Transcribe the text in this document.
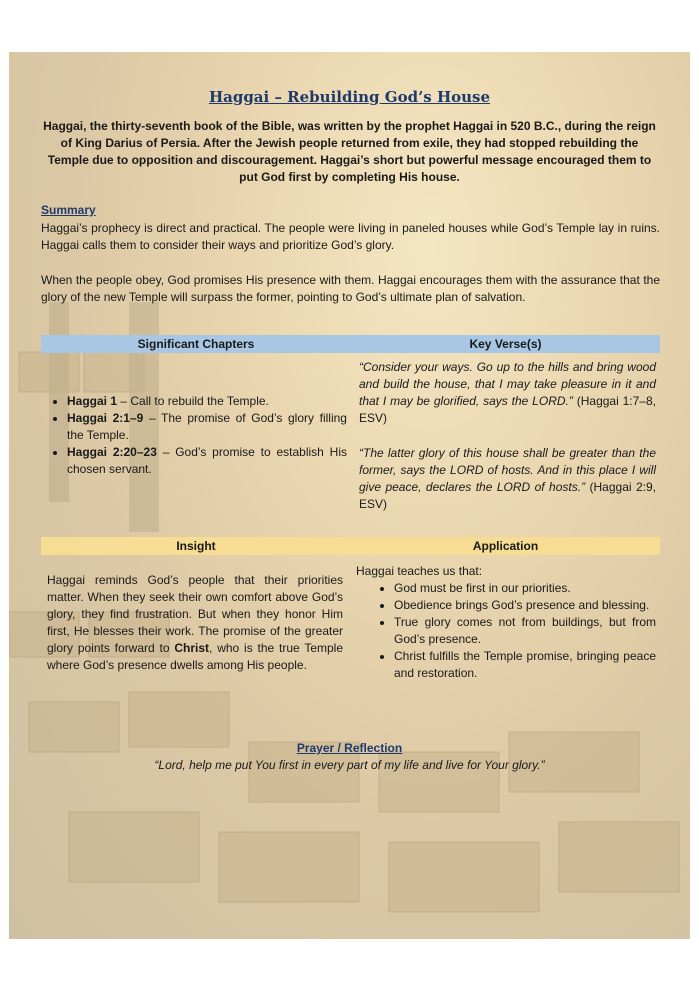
Haggai – Rebuilding God’s House
Haggai, the thirty-seventh book of the Bible, was written by the prophet Haggai in 520 B.C., during the reign of King Darius of Persia. After the Jewish people returned from exile, they had stopped rebuilding the Temple due to opposition and discouragement. Haggai’s short but powerful message encouraged them to put God first by completing His house.
Summary
Haggai’s prophecy is direct and practical. The people were living in paneled houses while God’s Temple lay in ruins. Haggai calls them to consider their ways and prioritize God’s glory.
When the people obey, God promises His presence with them. Haggai encourages them with the assurance that the glory of the new Temple will surpass the former, pointing to God’s ultimate plan of salvation.
Significant Chapters	Key Verse(s)
• Haggai 1 – Call to rebuild the Temple.
• Haggai 2:1–9 – The promise of God’s glory filling the Temple.
• Haggai 2:20–23 – God’s promise to establish His chosen servant.
“Consider your ways. Go up to the hills and bring wood and build the house, that I may take pleasure in it and that I may be glorified, says the LORD.” (Haggai 1:7–8, ESV)
“The latter glory of this house shall be greater than the former, says the LORD of hosts. And in this place I will give peace, declares the LORD of hosts.” (Haggai 2:9, ESV)
Insight	Application
Haggai reminds God’s people that their priorities matter. When they seek their own comfort above God’s glory, they find frustration. But when they honor Him first, He blesses their work. The promise of the greater glory points forward to Christ, who is the true Temple where God’s presence dwells among His people.
Haggai teaches us that:
• God must be first in our priorities.
• Obedience brings God’s presence and blessing.
• True glory comes not from buildings, but from God’s presence.
• Christ fulfills the Temple promise, bringing peace and restoration.
Prayer / Reflection
“Lord, help me put You first in every part of my life and live for Your glory.”
